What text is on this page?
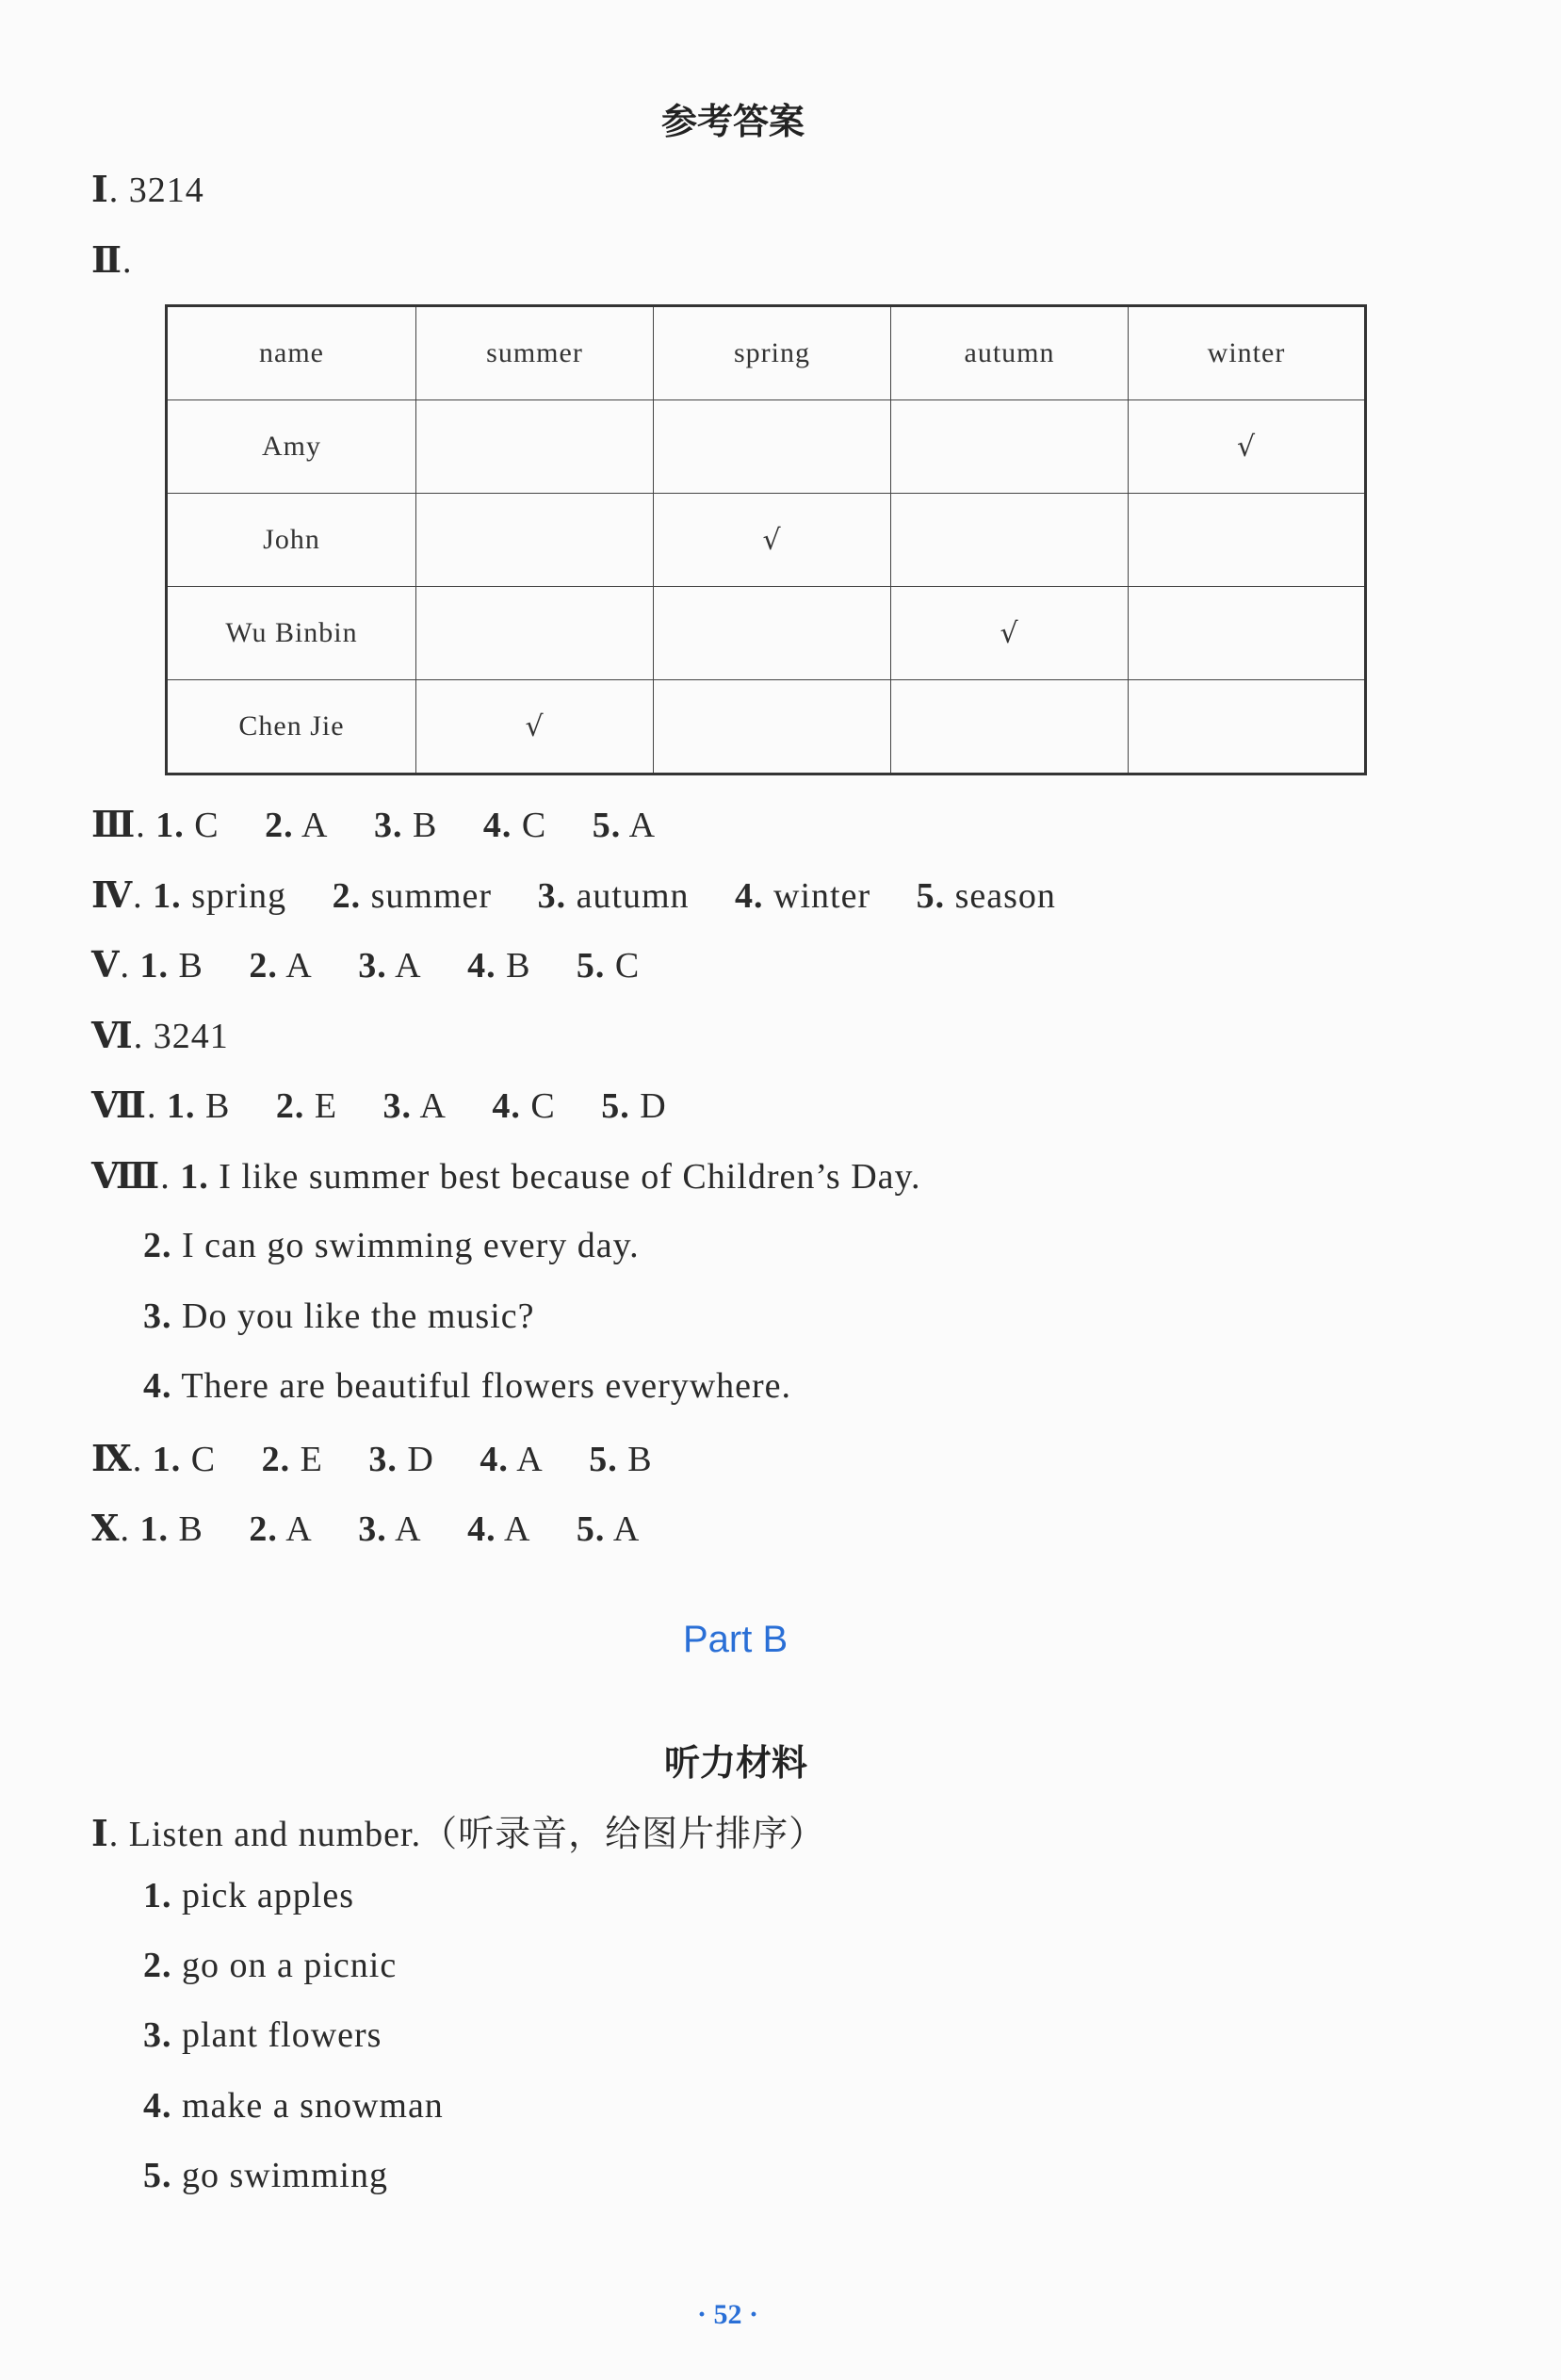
参考答案
Ⅰ. 3214
Ⅱ.
name	summer	spring	autumn	winter
Amy				√
John		√		
Wu Binbin			√	
Chen Jie	√			
Ⅲ. 1. C 2. A 3. B 4. C 5. A
Ⅳ. 1. spring 2. summer 3. autumn 4. winter 5. season
Ⅴ. 1. B 2. A 3. A 4. B 5. C
Ⅵ. 3241
Ⅶ. 1. B 2. E 3. A 4. C 5. D
Ⅷ. 1. I like summer best because of Children’s Day.
2. I can go swimming every day.
3. Do you like the music?
4. There are beautiful flowers everywhere.
Ⅸ. 1. C 2. E 3. D 4. A 5. B
Ⅹ. 1. B 2. A 3. A 4. A 5. A
Part B
听力材料
Ⅰ. Listen and number.（听录音，给图片排序）
1. pick apples
2. go on a picnic
3. plant flowers
4. make a snowman
5. go swimming
· 52 ·
